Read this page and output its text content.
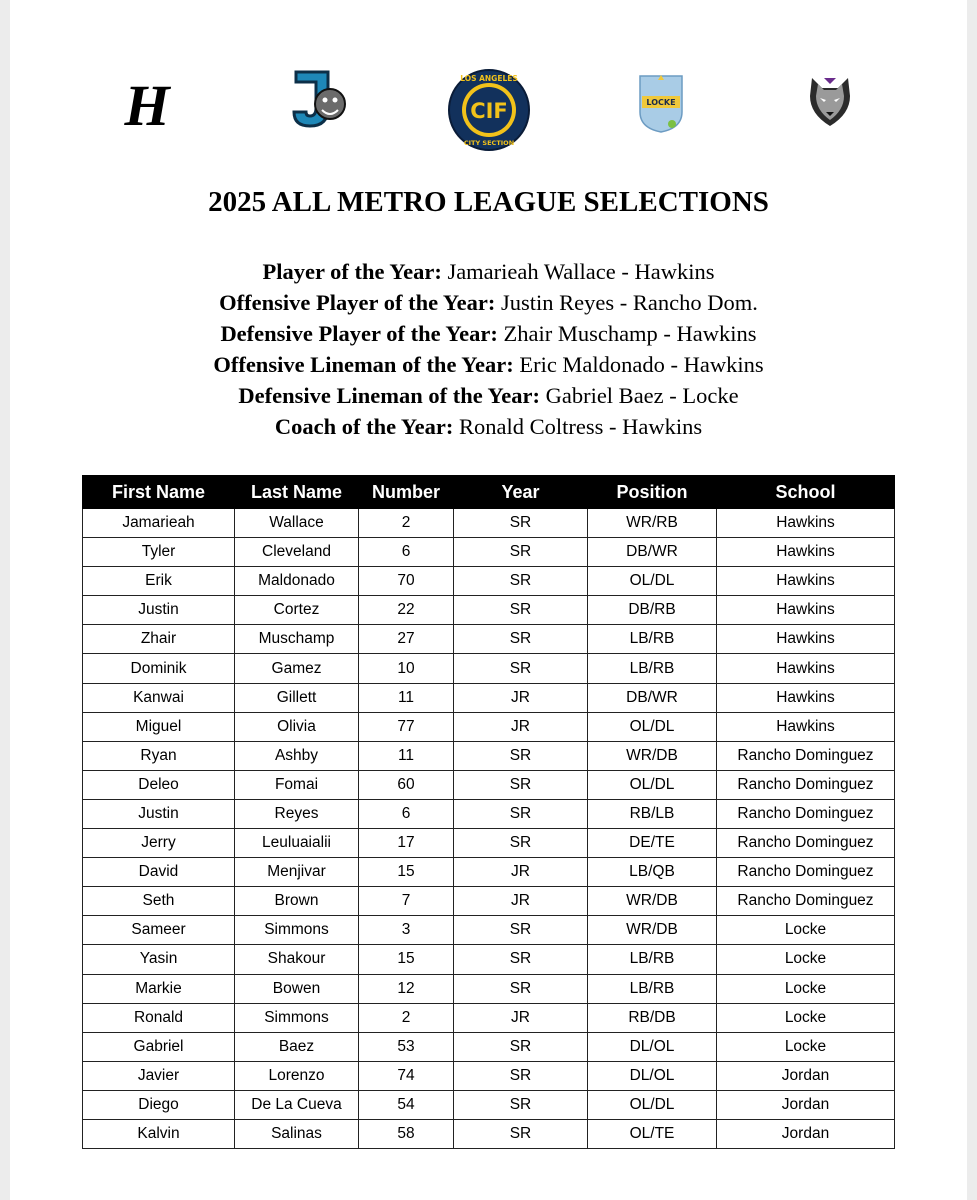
H	CIF
LOS ANGELES
CITY SECTION
LOCKE
2025 ALL METRO LEAGUE SELECTIONS
Player of the Year: Jamarieah Wallace - Hawkins
Offensive Player of the Year: Justin Reyes - Rancho Dom.
Defensive Player of the Year: Zhair Muschamp - Hawkins
Offensive Lineman of the Year: Eric Maldonado - Hawkins
Defensive Lineman of the Year: Gabriel Baez - Locke
Coach of the Year: Ronald Coltress - Hawkins
First Name	Last Name	Number	Year	Position	School
Jamarieah	Wallace	2	SR	WR/RB	Hawkins
Tyler	Cleveland	6	SR	DB/WR	Hawkins
Erik	Maldonado	70	SR	OL/DL	Hawkins
Justin	Cortez	22	SR	DB/RB	Hawkins
Zhair	Muschamp	27	SR	LB/RB	Hawkins
Dominik	Gamez	10	SR	LB/RB	Hawkins
Kanwai	Gillett	11	JR	DB/WR	Hawkins
Miguel	Olivia	77	JR	OL/DL	Hawkins
Ryan	Ashby	11	SR	WR/DB	Rancho Dominguez
Deleo	Fomai	60	SR	OL/DL	Rancho Dominguez
Justin	Reyes	6	SR	RB/LB	Rancho Dominguez
Jerry	Leuluaialii	17	SR	DE/TE	Rancho Dominguez
David	Menjivar	15	JR	LB/QB	Rancho Dominguez
Seth	Brown	7	JR	WR/DB	Rancho Dominguez
Sameer	Simmons	3	SR	WR/DB	Locke
Yasin	Shakour	15	SR	LB/RB	Locke
Markie	Bowen	12	SR	LB/RB	Locke
Ronald	Simmons	2	JR	RB/DB	Locke
Gabriel	Baez	53	SR	DL/OL	Locke
Javier	Lorenzo	74	SR	DL/OL	Jordan
Diego	De La Cueva	54	SR	OL/DL	Jordan
Kalvin	Salinas	58	SR	OL/TE	Jordan
